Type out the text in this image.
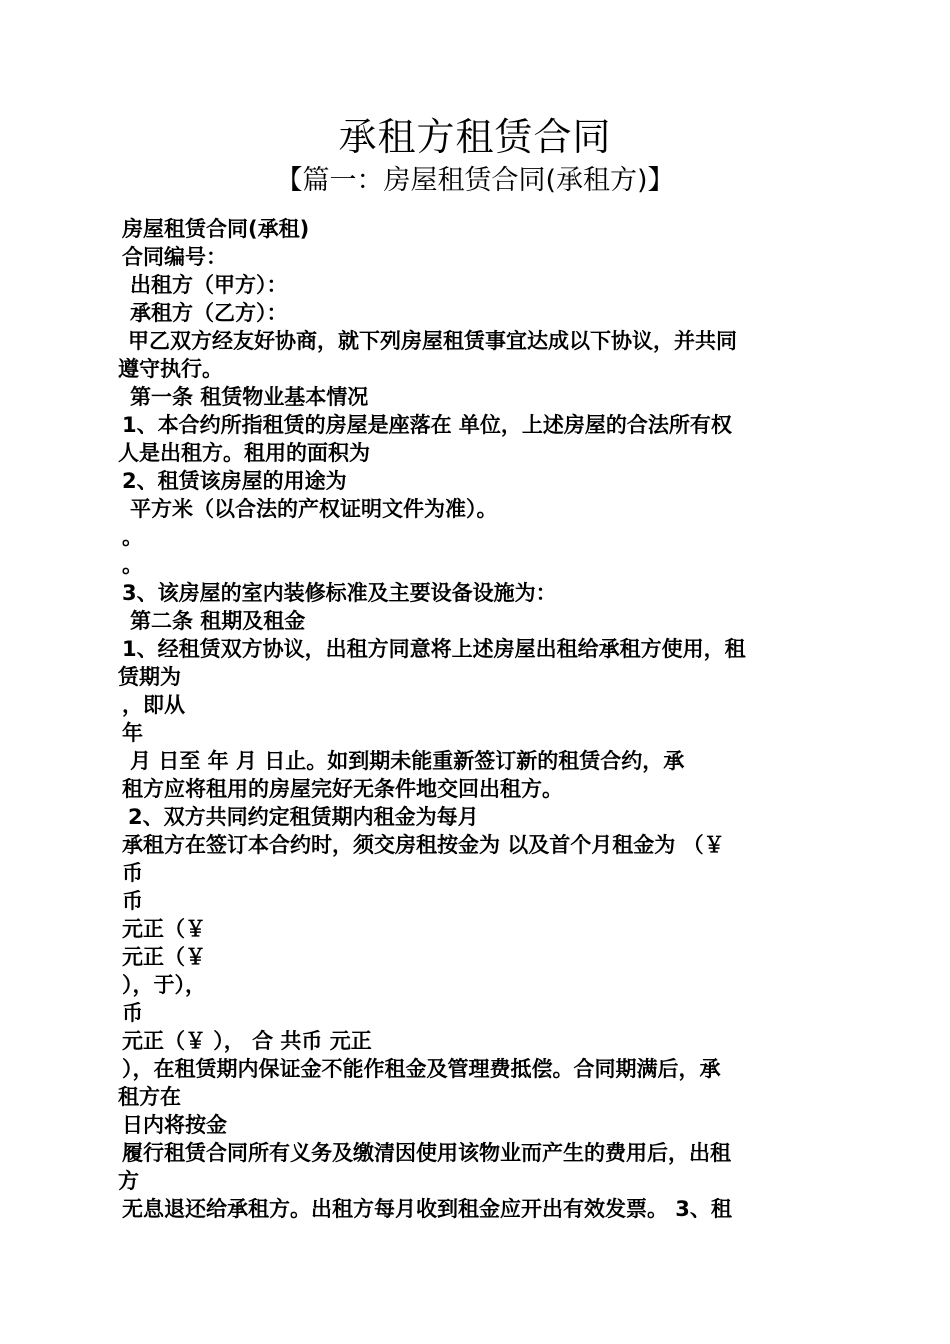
承租方租赁合同
【篇一：房屋租赁合同(承租方)】
房屋租赁合同(承租)
合同编号：
出租方（甲方）：
承租方（乙方）：
甲乙双方经友好协商，就下列房屋租赁事宜达成以下协议，并共同
遵守执行。
第一条 租赁物业基本情况
1、本合约所指租赁的房屋是座落在 单位，上述房屋的合法所有权
人是出租方。租用的面积为
2、租赁该房屋的用途为
平方米（以合法的产权证明文件为准）。
。
。
3、该房屋的室内装修标准及主要设备设施为：
第二条 租期及租金
1、经租赁双方协议，出租方同意将上述房屋出租给承租方使用，租
赁期为
，即从
年
月 日至 年 月 日止。如到期未能重新签订新的租赁合约，承
租方应将租用的房屋完好无条件地交回出租方。
2、双方共同约定租赁期内租金为每月
承租方在签订本合约时，须交房租按金为 以及首个月租金为 （￥
币
币
元正（￥
元正（￥
），于），
币
元正（￥ ）， 合 共币 元正
），在租赁期内保证金不能作租金及管理费抵偿。合同期满后，承
租方在
日内将按金
履行租赁合同所有义务及缴清因使用该物业而产生的费用后，出租
方
无息退还给承租方。出租方每月收到租金应开出有效发票。 3、租
